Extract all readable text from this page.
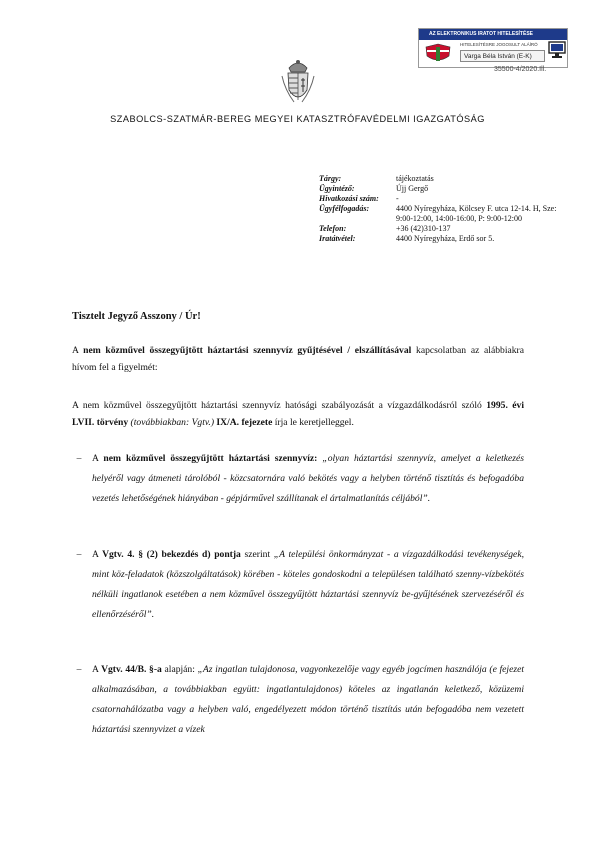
AZ ELEKTRONIKUS IRATOT HITELESÍTÉSE
HITELESÍTÉSRE JOGOSULT ALÁÍRÓ
Varga Béla István (E-K)
35500-4/2020.Ill.
SZABOLCS-SZATMÁR-BEREG MEGYEI KATASZTRÓFAVÉDELMI IGAZGATÓSÁG
Tárgy:	tájékoztatás
Ügyintéző:	Újj Gergő
Hivatkozási szám:	-
Ügyfélfogadás:	4400 Nyíregyháza, Kölcsey F. utca 12-14. H, Sze: 9:00-12:00, 14:00-16:00, P: 9:00-12:00
Telefon:	+36 (42)310-137
Iratátvétel:	4400 Nyíregyháza, Erdő sor 5.
Tisztelt Jegyző Asszony / Úr!
A nem közművel összegyűjtött háztartási szennyvíz gyűjtésével / elszállításával kapcsolatban az alábbiakra hívom fel a figyelmét:
A nem közművel összegyűjtött háztartási szennyvíz hatósági szabályozását a vízgazdálkodásról szóló 1995. évi LVII. törvény (továbbiakban: Vgtv.) IX/A. fejezete írja le keretjelleggel.
–	A nem közművel összegyűjtött háztartási szennyvíz: „olyan háztartási szennyvíz, amelyet a keletkezés helyéről vagy átmeneti tárolóból - közcsatornára való bekötés vagy a helyben történő tisztítás és befogadóba vezetés lehetőségének hiányában - gépjárművel szállítanak el ártalmatlanítás céljából”.
–	A Vgtv. 4. § (2) bekezdés d) pontja szerint „A települési önkormányzat - a vízgazdálkodási tevékenységek, mint köz-feladatok (közszolgáltatások) körében - köteles gondoskodni a településen található szenny-vízbekötés nélküli ingatlanok esetében a nem közművel összegyűjtött háztartási szennyvíz be-gyűjtésének szervezéséről és ellenőrzéséről”.
–	A Vgtv. 44/B. §-a alapján: „Az ingatlan tulajdonosa, vagyonkezelője vagy egyéb jogcímen használója (e fejezet alkalmazásában, a továbbiakban együtt: ingatlantulajdonos) köteles az ingatlanán keletkező, közüzemi csatornahálózatba vagy a helyben való, engedélyezett módon történő tisztítás után befogadóba nem vezetett háztartási szennyvizet a vízek
